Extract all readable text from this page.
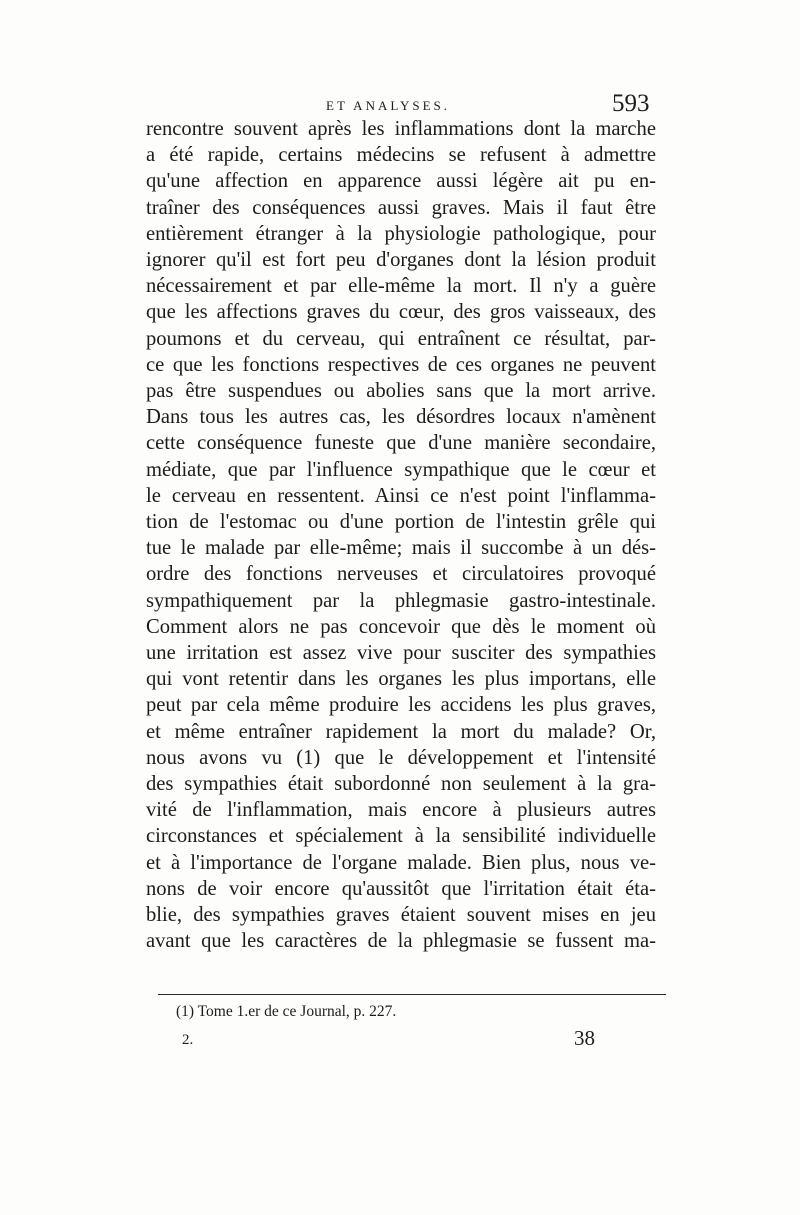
ET ANALYSES.	593
rencontre souvent après les inflammations dont la marche
a été rapide, certains médecins se refusent à admettre
qu'une affection en apparence aussi légère ait pu en-
traîner des conséquences aussi graves. Mais il faut être
entièrement étranger à la physiologie pathologique, pour
ignorer qu'il est fort peu d'organes dont la lésion produit
nécessairement et par elle-même la mort. Il n'y a guère
que les affections graves du cœur, des gros vaisseaux, des
poumons et du cerveau, qui entraînent ce résultat, par-
ce que les fonctions respectives de ces organes ne peuvent
pas être suspendues ou abolies sans que la mort arrive.
Dans tous les autres cas, les désordres locaux n'amènent
cette conséquence funeste que d'une manière secondaire,
médiate, que par l'influence sympathique que le cœur et
le cerveau en ressentent. Ainsi ce n'est point l'inflamma-
tion de l'estomac ou d'une portion de l'intestin grêle qui
tue le malade par elle-même; mais il succombe à un dés-
ordre des fonctions nerveuses et circulatoires provoqué
sympathiquement par la phlegmasie gastro-intestinale.
Comment alors ne pas concevoir que dès le moment où
une irritation est assez vive pour susciter des sympathies
qui vont retentir dans les organes les plus importans, elle
peut par cela même produire les accidens les plus graves,
et même entraîner rapidement la mort du malade? Or,
nous avons vu (1) que le développement et l'intensité
des sympathies était subordonné non seulement à la gra-
vité de l'inflammation, mais encore à plusieurs autres
circonstances et spécialement à la sensibilité individuelle
et à l'importance de l'organe malade. Bien plus, nous ve-
nons de voir encore qu'aussitôt que l'irritation était éta-
blie, des sympathies graves étaient souvent mises en jeu
avant que les caractères de la phlegmasie se fussent ma-
(1) Tome 1.er de ce Journal, p. 227.
2.	38
